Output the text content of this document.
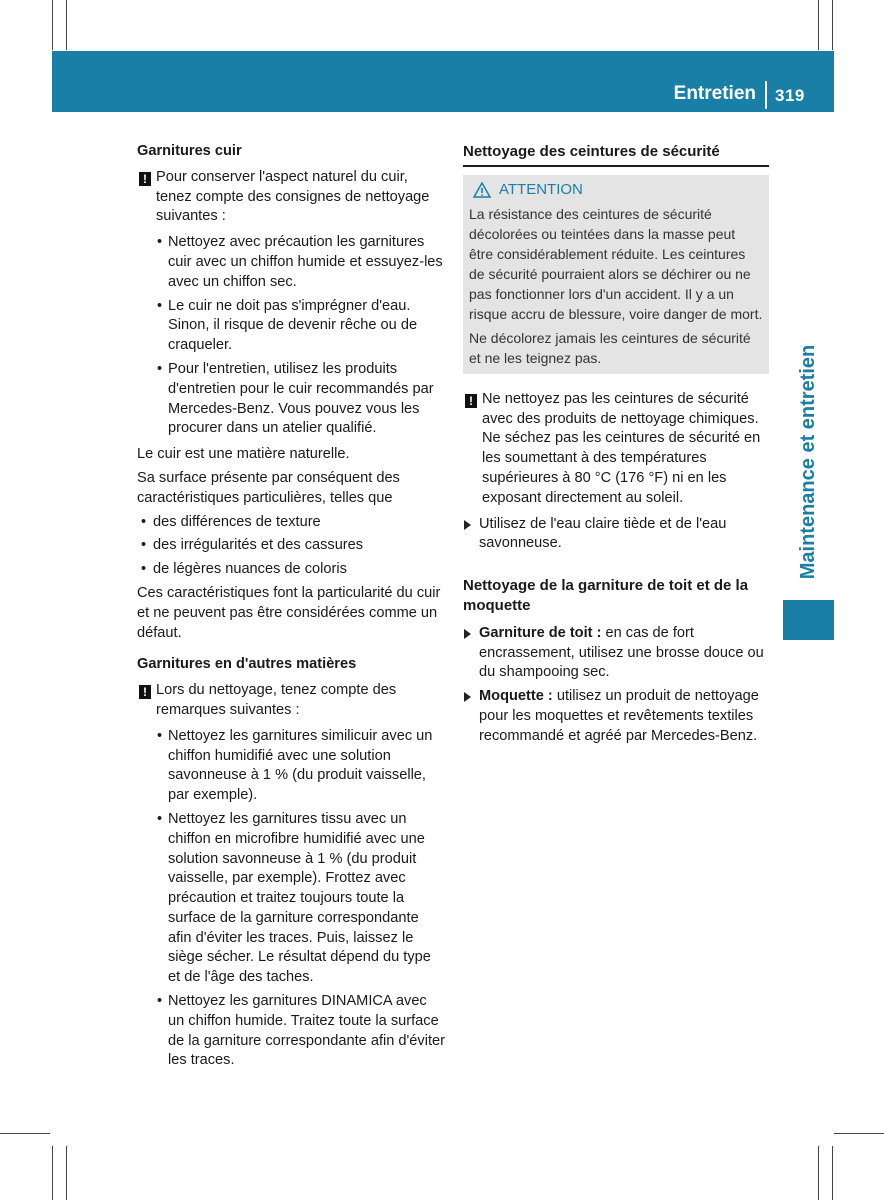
Entretien 319
Maintenance et entretien

Garnitures cuir

! Pour conserver l'aspect naturel du cuir, tenez compte des consignes de nettoyage suivantes :
• Nettoyez avec précaution les garnitures cuir avec un chiffon humide et essuyez-les avec un chiffon sec.
• Le cuir ne doit pas s'imprégner d'eau. Sinon, il risque de devenir rêche ou de craqueler.
• Pour l'entretien, utilisez les produits d'entretien pour le cuir recommandés par Mercedes-Benz. Vous pouvez vous les procurer dans un atelier qualifié.

Le cuir est une matière naturelle.

Sa surface présente par conséquent des caractéristiques particulières, telles que

• des différences de texture
• des irrégularités et des cassures
• de légères nuances de coloris

Ces caractéristiques font la particularité du cuir et ne peuvent pas être considérées comme un défaut.

Garnitures en d'autres matières

! Lors du nettoyage, tenez compte des remarques suivantes :
• Nettoyez les garnitures similicuir avec un chiffon humidifié avec une solution savonneuse à 1 % (du produit vaisselle, par exemple).
• Nettoyez les garnitures tissu avec un chiffon en microfibre humidifié avec une solution savonneuse à 1 % (du produit vaisselle, par exemple). Frottez avec précaution et traitez toujours toute la surface de la garniture correspondante afin d'éviter les traces. Puis, laissez le siège sécher. Le résultat dépend du type et de l'âge des taches.
• Nettoyez les garnitures DINAMICA avec un chiffon humide. Traitez toute la surface de la garniture correspondante afin d'éviter les traces.
Nettoyage des ceintures de sécurité
ATTENTION

La résistance des ceintures de sécurité décolorées ou teintées dans la masse peut être considérablement réduite. Les ceintures de sécurité pourraient alors se déchirer ou ne pas fonctionner lors d'un accident. Il y a un risque accru de blessure, voire danger de mort.

Ne décolorez jamais les ceintures de sécurité et ne les teignez pas.

! Ne nettoyez pas les ceintures de sécurité avec des produits de nettoyage chimiques. Ne séchez pas les ceintures de sécurité en les soumettant à des températures supérieures à 80 °C (176 °F) ni en les exposant directement au soleil.
Utilisez de l'eau claire tiède et de l'eau savonneuse.

Nettoyage de la garniture de toit et de la moquette

Garniture de toit : en cas de fort encrassement, utilisez une brosse douce ou du shampooing sec.
Moquette : utilisez un produit de nettoyage pour les moquettes et revêtements textiles recommandé et agréé par Mercedes-Benz.
